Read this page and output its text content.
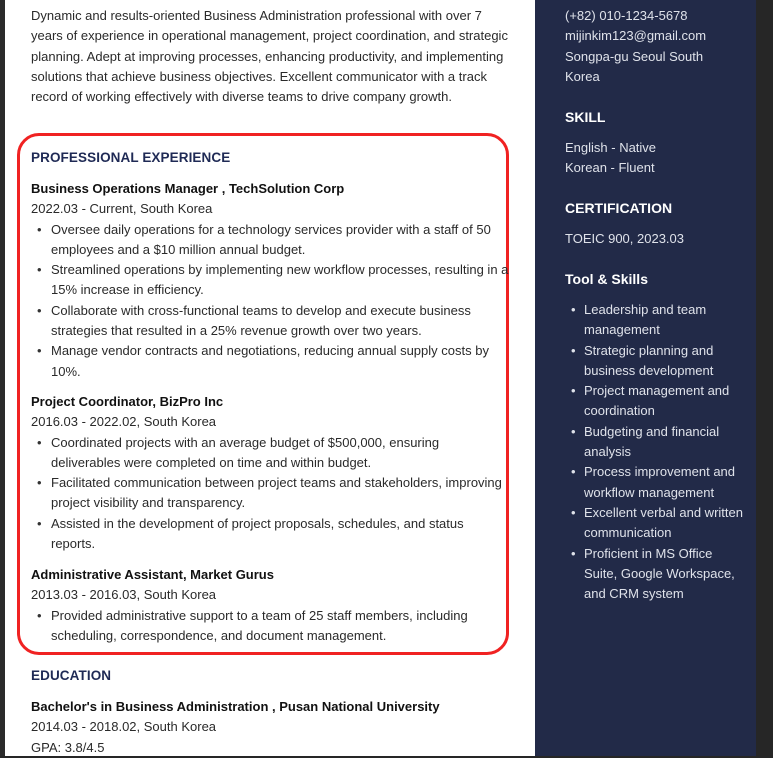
Dynamic and results-oriented Business Administration professional with over 7 years of experience in operational management, project coordination, and strategic planning. Adept at improving processes, enhancing productivity, and implementing solutions that achieve business objectives. Excellent communicator with a track record of working effectively with diverse teams to drive company growth.
PROFESSIONAL EXPERIENCE
Business Operations Manager , TechSolution Corp
2022.03 - Current, South Korea
• Oversee daily operations for a technology services provider with a staff of 50 employees and a $10 million annual budget.
• Streamlined operations by implementing new workflow processes, resulting in a 15% increase in efficiency.
• Collaborate with cross-functional teams to develop and execute business strategies that resulted in a 25% revenue growth over two years.
• Manage vendor contracts and negotiations, reducing annual supply costs by 10%.
Project Coordinator, BizPro Inc
2016.03 - 2022.02, South Korea
• Coordinated projects with an average budget of $500,000, ensuring deliverables were completed on time and within budget.
• Facilitated communication between project teams and stakeholders, improving project visibility and transparency.
• Assisted in the development of project proposals, schedules, and status reports.
Administrative Assistant, Market Gurus
2013.03 - 2016.03, South Korea
• Provided administrative support to a team of 25 staff members, including scheduling, correspondence, and document management.
EDUCATION
Bachelor's in Business Administration , Pusan National University
2014.03 - 2018.02, South Korea
GPA: 3.8/4.5
(+82) 010-1234-5678
mijinkim123@gmail.com
Songpa-gu Seoul South Korea
SKILL
English - Native
Korean - Fluent
CERTIFICATION
TOEIC 900, 2023.03
Tool & Skills
• Leadership and team management
• Strategic planning and business development
• Project management and coordination
• Budgeting and financial analysis
• Process improvement and workflow management
• Excellent verbal and written communication
• Proficient in MS Office Suite, Google Workspace, and CRM system
